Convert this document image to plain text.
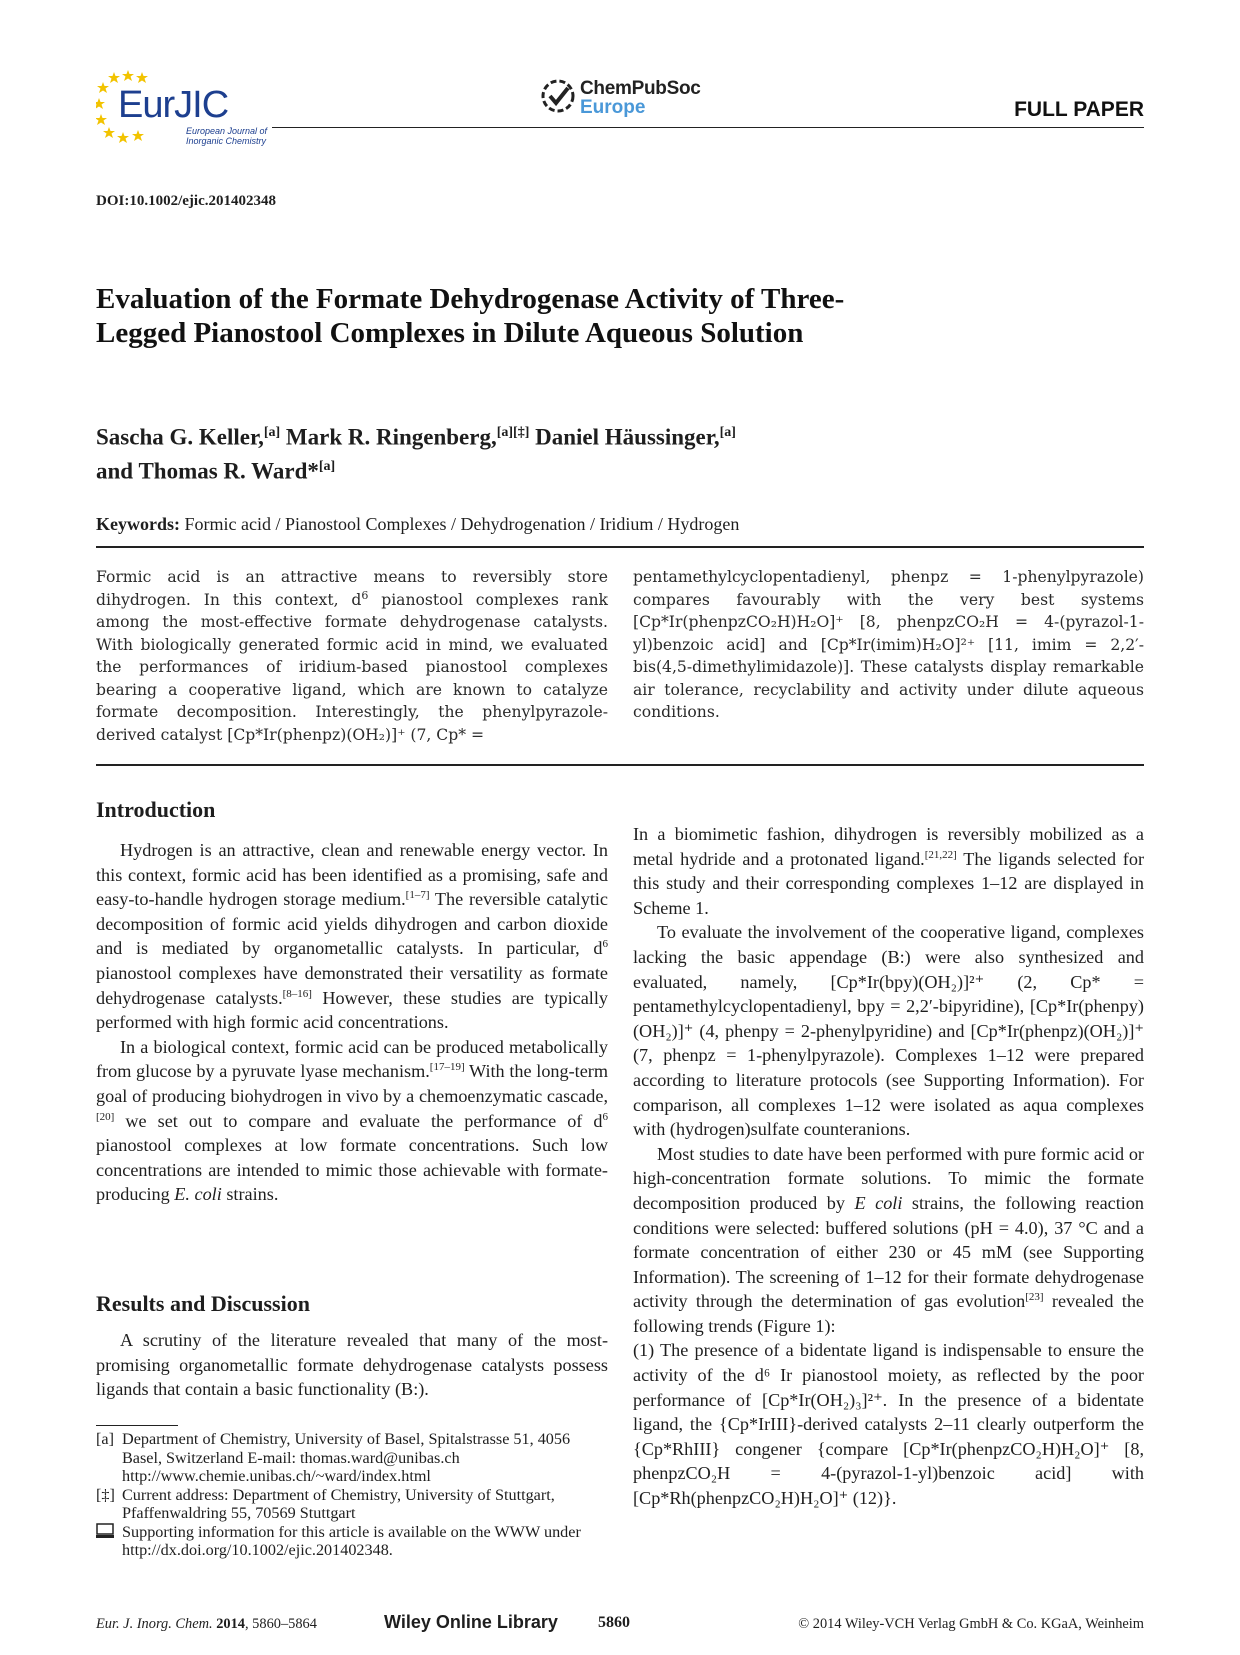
EurJIC
European Journal of Inorganic Chemistry
ChemPubSoc
Europe	FULL PAPER
DOI:10.1002/ejic.201402348
Evaluation of the Formate Dehydrogenase Activity of Three-Legged Pianostool Complexes in Dilute Aqueous Solution
Sascha G. Keller,[a] Mark R. Ringenberg,[a][‡] Daniel Häussinger,[a]
and Thomas R. Ward*[a]
Keywords: Formic acid / Pianostool Complexes / Dehydrogenation / Iridium / Hydrogen
Formic acid is an attractive means to reversibly store dihydrogen. In this context, $d^6$ pianostool complexes rank among the most-effective formate dehydrogenase catalysts. With biologically generated formic acid in mind, we evaluated the performances of iridium-based pianostool complexes bearing a cooperative ligand, which are known to catalyze formate decomposition. Interestingly, the phenylpyrazole-derived catalyst [Cp*Ir(phenpz)(OH₂)]⁺ (7, Cp* =
pentamethylcyclopentadienyl, phenpz = 1-phenylpyrazole) compares favourably with the very best systems [Cp*Ir(phenpzCO₂H)H₂O]⁺ [8, phenpzCO₂H = 4-(pyrazol-1-yl)benzoic acid] and [Cp*Ir(imim)H₂O]²⁺ [11, imim = 2,2′-bis(4,5-dimethylimidazole)]. These catalysts display remarkable air tolerance, recyclability and activity under dilute aqueous conditions.
Introduction

Hydrogen is an attractive, clean and renewable energy vector. In this context, formic acid has been identified as a promising, safe and easy-to-handle hydrogen storage medium.[1–7] The reversible catalytic decomposition of formic acid yields dihydrogen and carbon dioxide and is mediated by organometallic catalysts. In particular, $d^6$ pianostool complexes have demonstrated their versatility as formate dehydrogenase catalysts.[8–16] However, these studies are typically performed with high formic acid concentrations.

In a biological context, formic acid can be produced metabolically from glucose by a pyruvate lyase mechanism.[17–19] With the long-term goal of producing biohydrogen in vivo by a chemoenzymatic cascade,[20] we set out to compare and evaluate the performance of $d^6$ pianostool complexes at low formate concentrations. Such low concentrations are intended to mimic those achievable with formate-producing E. coli strains.

Results and Discussion

A scrutiny of the literature revealed that many of the most-promising organometallic formate dehydrogenase catalysts possess ligands that contain a basic functionality (B:).

In a biomimetic fashion, dihydrogen is reversibly mobilized as a metal hydride and a protonated ligand.[21,22] The ligands selected for this study and their corresponding complexes 1–12 are displayed in Scheme 1.

To evaluate the involvement of the cooperative ligand, complexes lacking the basic appendage (B:) were also synthesized and evaluated, namely, [Cp*Ir(bpy)(OH₂)]²⁺ (2, Cp* = pentamethylcyclopentadienyl, bpy = 2,2′-bipyridine), [Cp*Ir(phenpy)(OH₂)]⁺ (4, phenpy = 2-phenylpyridine) and [Cp*Ir(phenpz)(OH₂)]⁺ (7, phenpz = 1-phenylpyrazole). Complexes 1–12 were prepared according to literature protocols (see Supporting Information). For comparison, all complexes 1–12 were isolated as aqua complexes with (hydrogen)sulfate counteranions.

Most studies to date have been performed with pure formic acid or high-concentration formate solutions. To mimic the formate decomposition produced by E coli strains, the following reaction conditions were selected: buffered solutions (pH = 4.0), 37 °C and a formate concentration of either 230 or 45 mM (see Supporting Information). The screening of 1–12 for their formate dehydrogenase activity through the determination of gas evolution[23] revealed the following trends (Figure 1):

(1) The presence of a bidentate ligand is indispensable to ensure the activity of the d⁶ Ir pianostool moiety, as reflected by the poor performance of [Cp*Ir(OH₂)₃]²⁺. In the presence of a bidentate ligand, the {Cp*IrIII}-derived catalysts 2–11 clearly outperform the {Cp*RhIII} congener {compare [Cp*Ir(phenpzCO₂H)H₂O]⁺ [8, phenpzCO₂H = 4-(pyrazol-1-yl)benzoic acid] with [Cp*Rh(phenpzCO₂H)H₂O]⁺ (12)}.

[a] Department of Chemistry, University of Basel, Spitalstrasse 51, 4056 Basel, Switzerland E-mail: thomas.ward@unibas.ch http://www.chemie.unibas.ch/~ward/index.html
[‡] Current address: Department of Chemistry, University of Stuttgart, Pfaffenwaldring 55, 70569 Stuttgart
Supporting information for this article is available on the WWW under http://dx.doi.org/10.1002/ejic.201402348.
Eur. J. Inorg. Chem. 2014, 5860–5864	Wiley Online Library	5860	© 2014 Wiley-VCH Verlag GmbH & Co. KGaA, Weinheim
